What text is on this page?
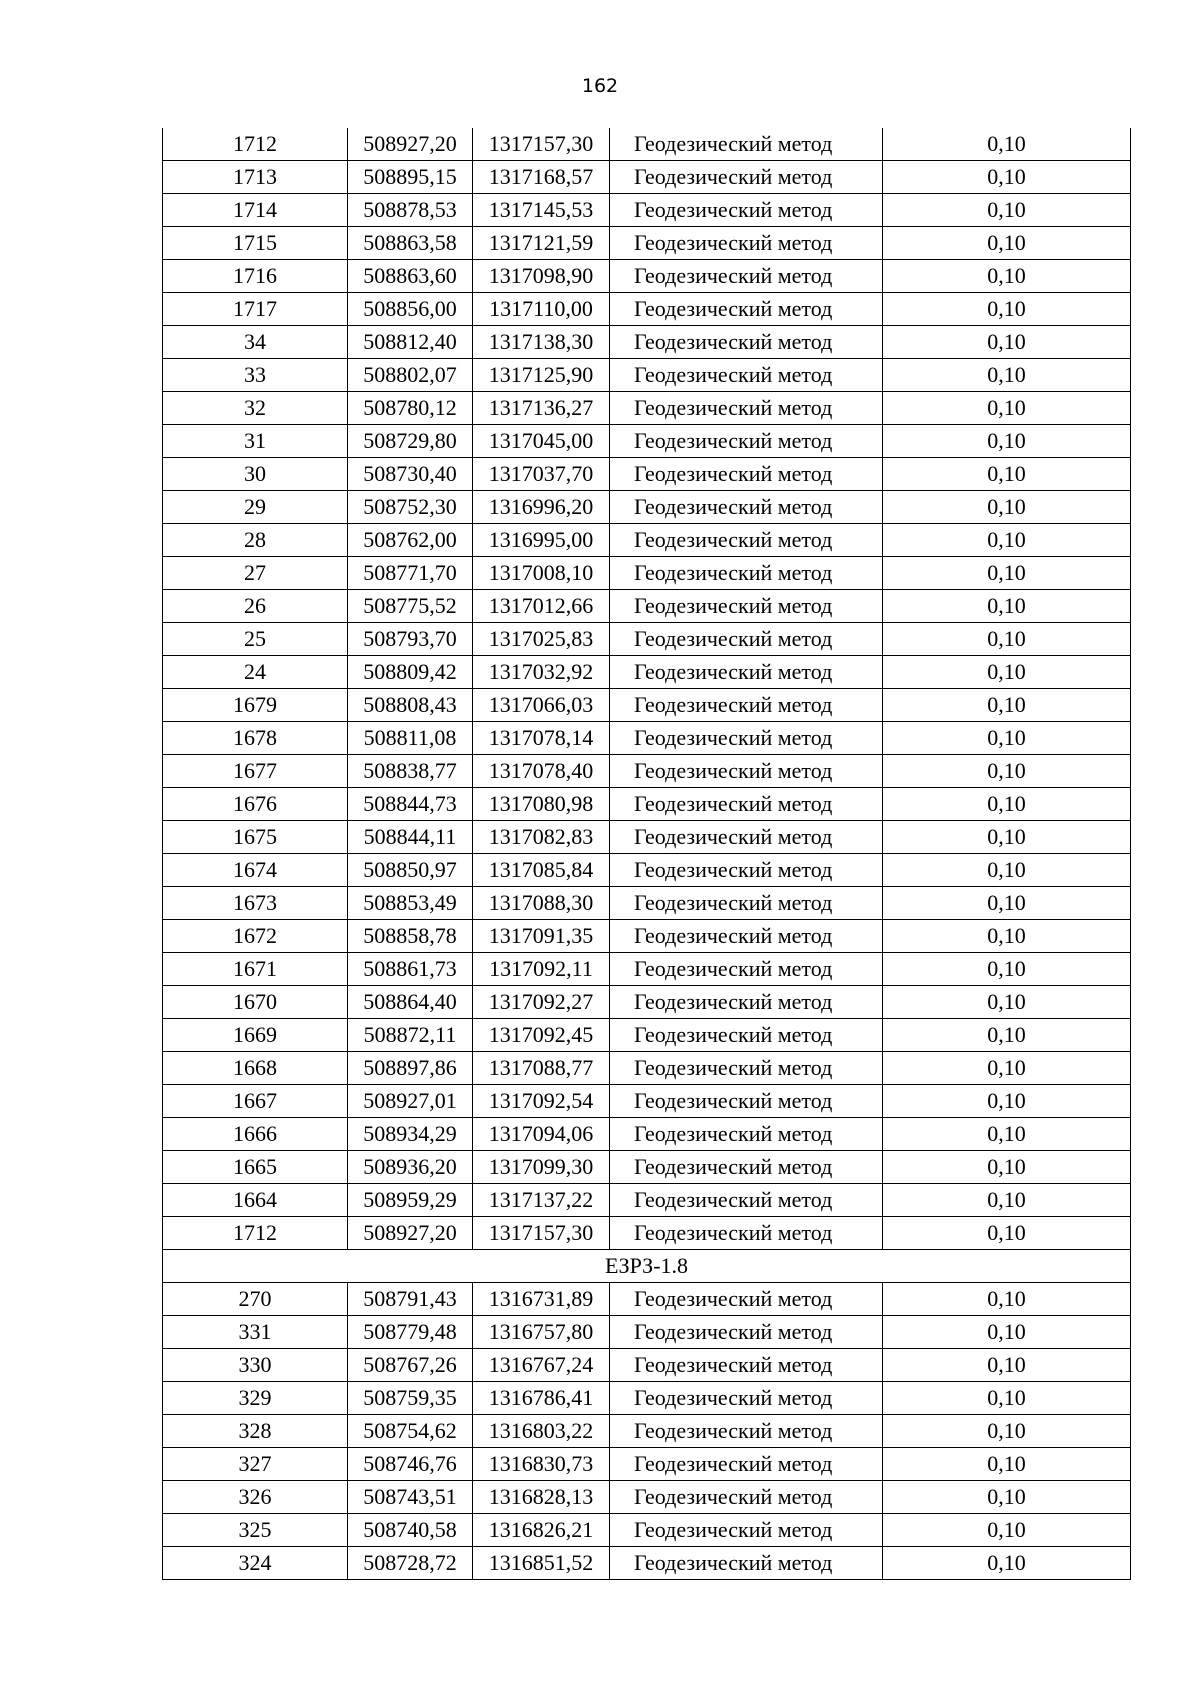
162
1712	508927,20	1317157,30	Геодезический метод	0,10
1713	508895,15	1317168,57	Геодезический метод	0,10
1714	508878,53	1317145,53	Геодезический метод	0,10
1715	508863,58	1317121,59	Геодезический метод	0,10
1716	508863,60	1317098,90	Геодезический метод	0,10
1717	508856,00	1317110,00	Геодезический метод	0,10
34	508812,40	1317138,30	Геодезический метод	0,10
33	508802,07	1317125,90	Геодезический метод	0,10
32	508780,12	1317136,27	Геодезический метод	0,10
31	508729,80	1317045,00	Геодезический метод	0,10
30	508730,40	1317037,70	Геодезический метод	0,10
29	508752,30	1316996,20	Геодезический метод	0,10
28	508762,00	1316995,00	Геодезический метод	0,10
27	508771,70	1317008,10	Геодезический метод	0,10
26	508775,52	1317012,66	Геодезический метод	0,10
25	508793,70	1317025,83	Геодезический метод	0,10
24	508809,42	1317032,92	Геодезический метод	0,10
1679	508808,43	1317066,03	Геодезический метод	0,10
1678	508811,08	1317078,14	Геодезический метод	0,10
1677	508838,77	1317078,40	Геодезический метод	0,10
1676	508844,73	1317080,98	Геодезический метод	0,10
1675	508844,11	1317082,83	Геодезический метод	0,10
1674	508850,97	1317085,84	Геодезический метод	0,10
1673	508853,49	1317088,30	Геодезический метод	0,10
1672	508858,78	1317091,35	Геодезический метод	0,10
1671	508861,73	1317092,11	Геодезический метод	0,10
1670	508864,40	1317092,27	Геодезический метод	0,10
1669	508872,11	1317092,45	Геодезический метод	0,10
1668	508897,86	1317088,77	Геодезический метод	0,10
1667	508927,01	1317092,54	Геодезический метод	0,10
1666	508934,29	1317094,06	Геодезический метод	0,10
1665	508936,20	1317099,30	Геодезический метод	0,10
1664	508959,29	1317137,22	Геодезический метод	0,10
1712	508927,20	1317157,30	Геодезический метод	0,10
ЕЗРЗ-1.8				
270	508791,43	1316731,89	Геодезический метод	0,10
331	508779,48	1316757,80	Геодезический метод	0,10
330	508767,26	1316767,24	Геодезический метод	0,10
329	508759,35	1316786,41	Геодезический метод	0,10
328	508754,62	1316803,22	Геодезический метод	0,10
327	508746,76	1316830,73	Геодезический метод	0,10
326	508743,51	1316828,13	Геодезический метод	0,10
325	508740,58	1316826,21	Геодезический метод	0,10
324	508728,72	1316851,52	Геодезический метод	0,10
